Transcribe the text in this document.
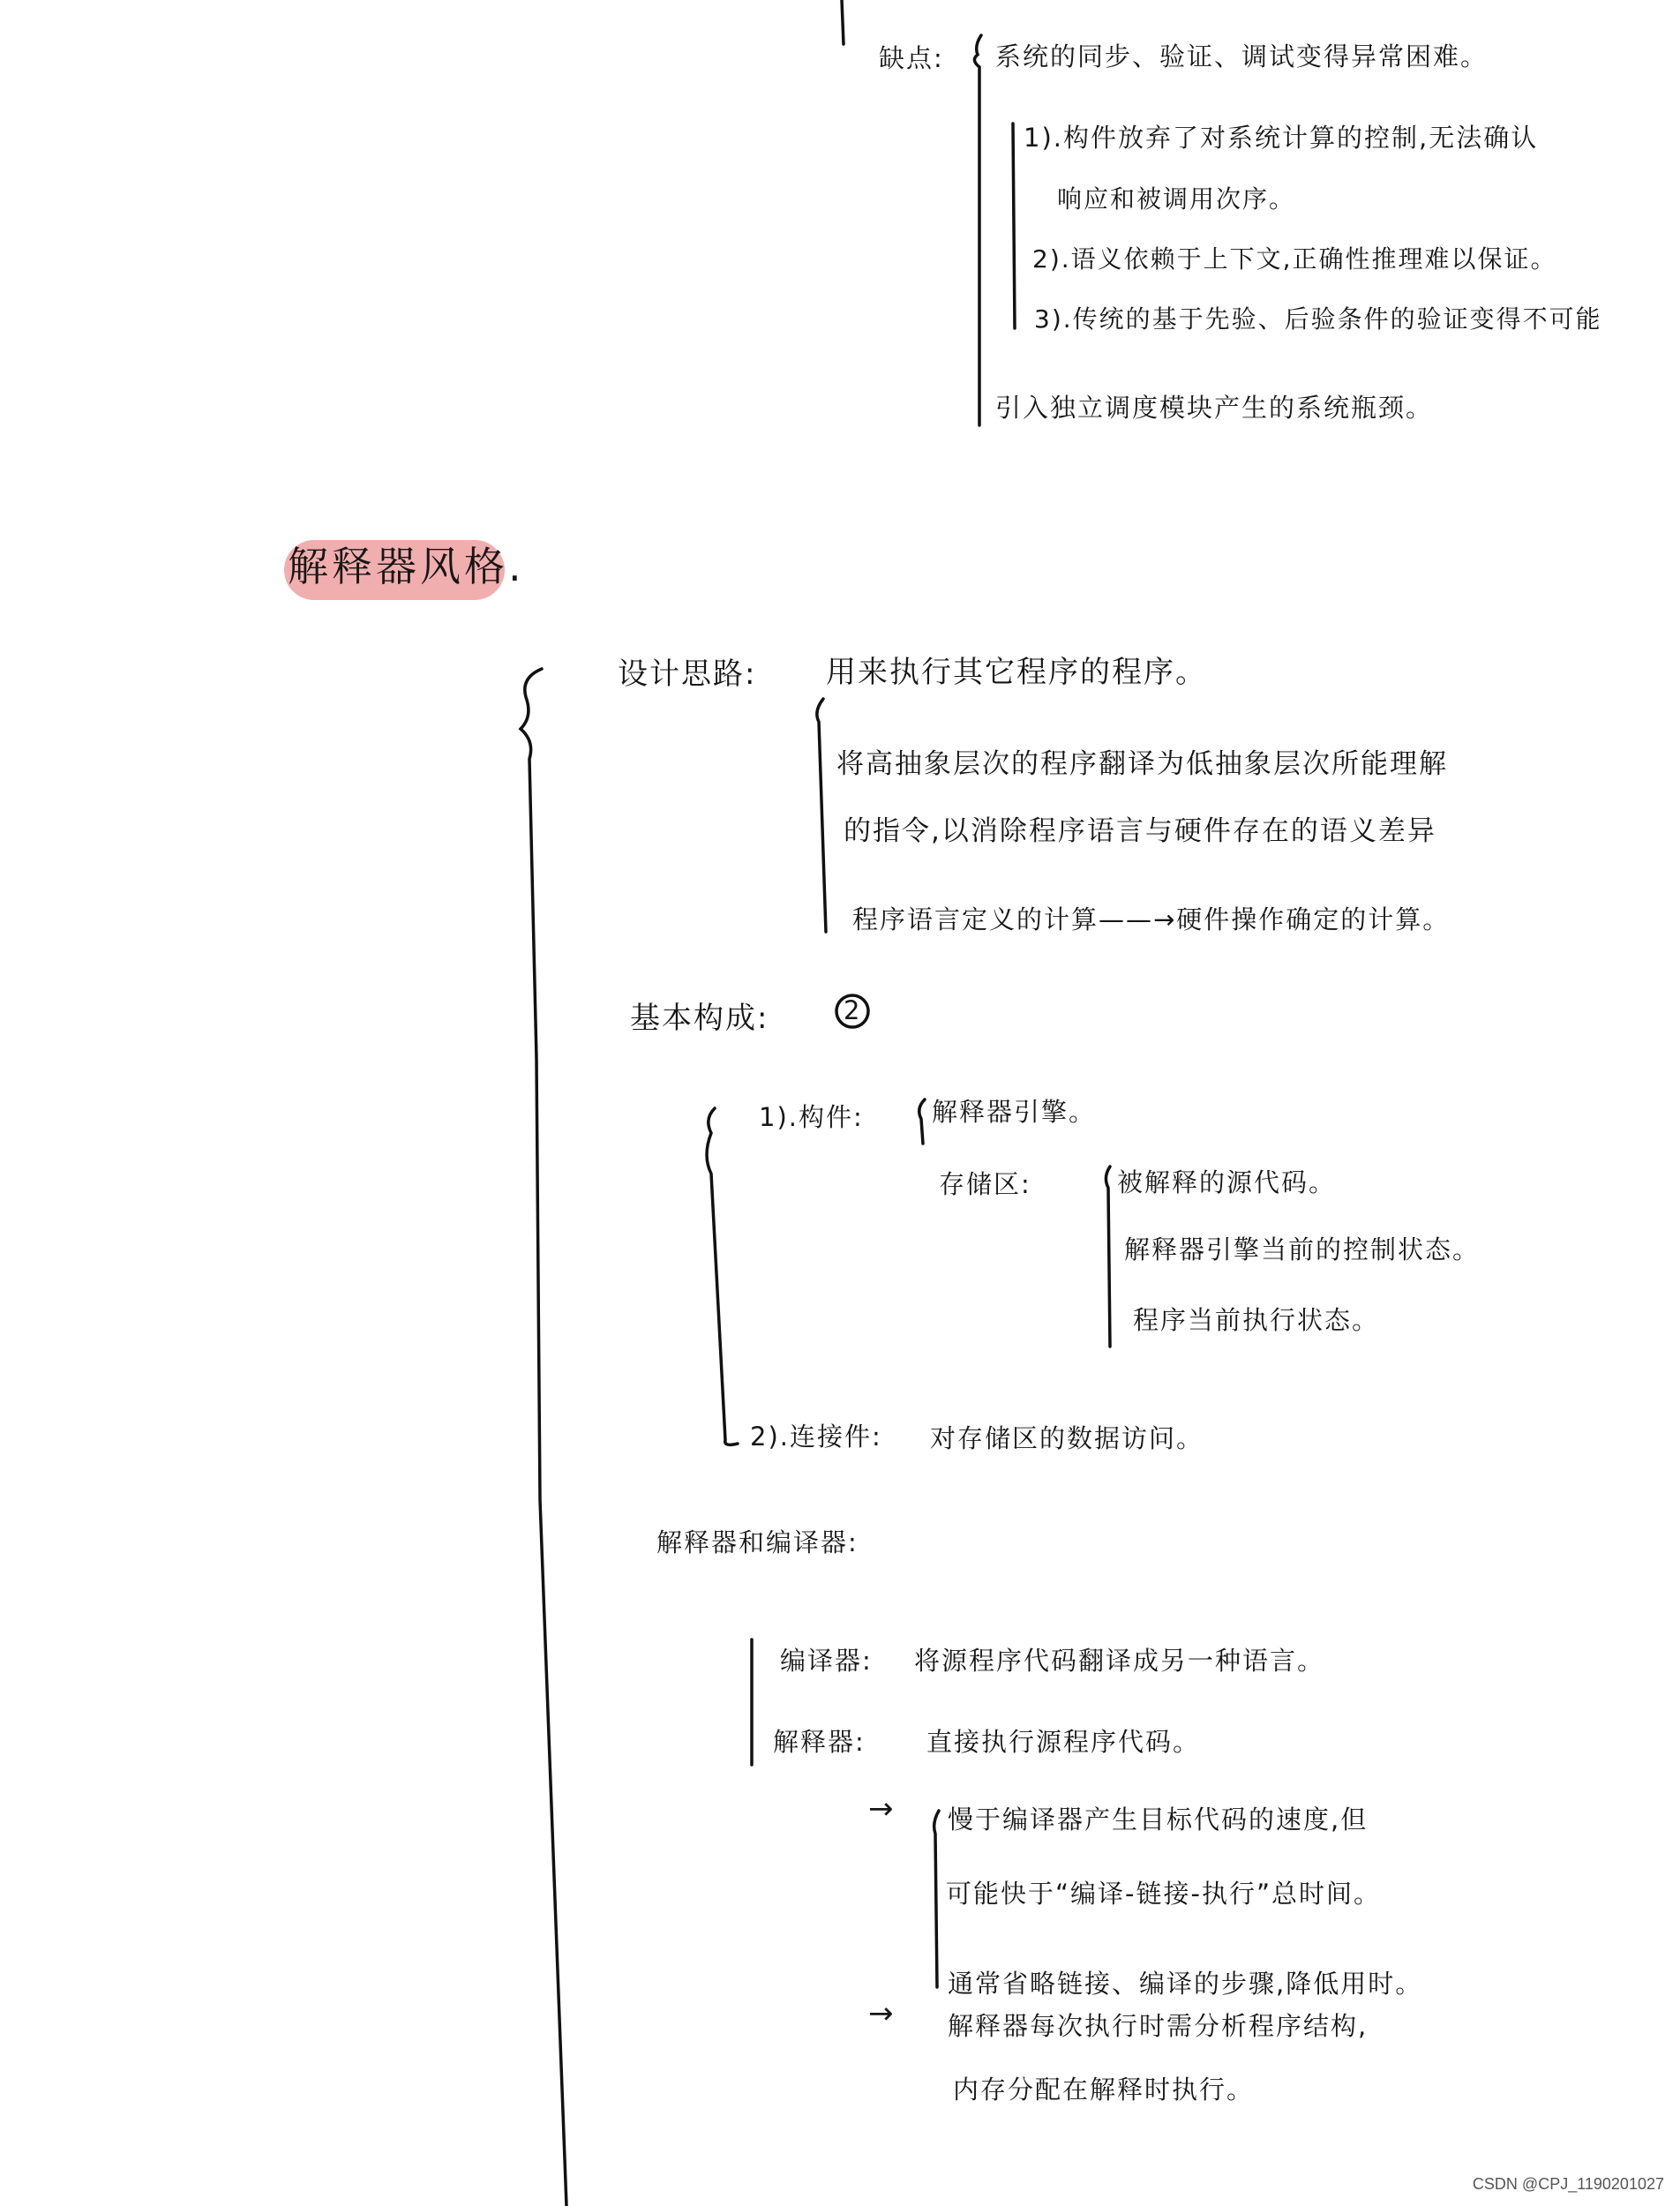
缺点: 系统的同步、验证、调试变得异常困难。
1).构件放弃了对系统计算的控制,无法确认
响应和被调用次序。
2).语义依赖于上下文,正确性推理难以保证。
3).传统的基于先验、后验条件的验证变得不可能
引入独立调度模块产生的系统瓶颈。
解释器风格.
设计思路: 用来执行其它程序的程序。
将高抽象层次的程序翻译为低抽象层次所能理解
的指令,以消除程序语言与硬件存在的语义差异
程序语言定义的计算——→硬件操作确定的计算。
基本构成:	2
1).构件:	解释器引擎。
存储区:	被解释的源代码。
解释器引擎当前的控制状态。
程序当前执行状态。
2).连接件: 对存储区的数据访问。
解释器和编译器:
编译器: 将源程序代码翻译成另一种语言。
解释器: 直接执行源程序代码。
→ 慢于编译器产生目标代码的速度,但
可能快于“编译-链接-执行”总时间。
通常省略链接、编译的步骤,降低用时。
→ 解释器每次执行时需分析程序结构,
内存分配在解释时执行。
CSDN @CPJ_1190201027
